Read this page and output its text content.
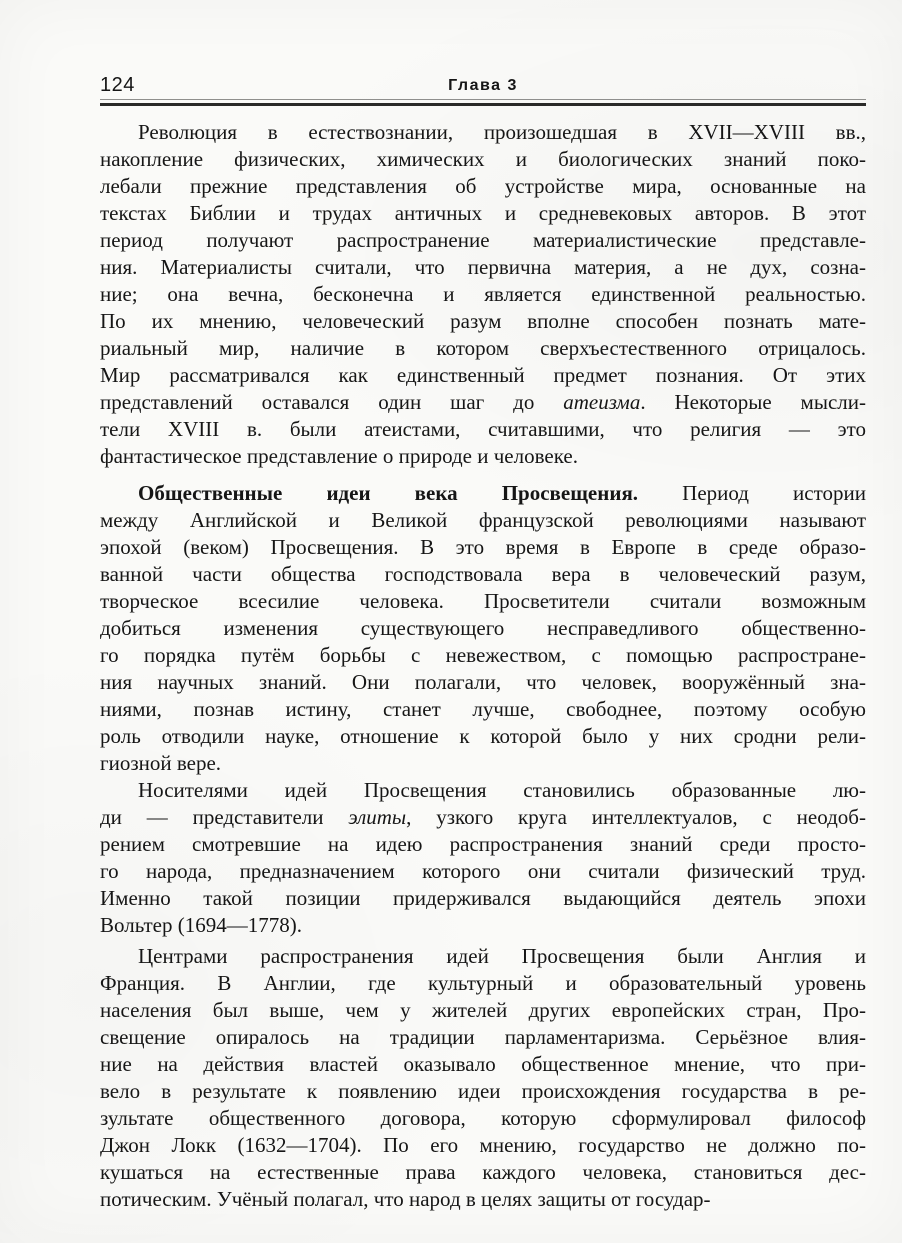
124	Глава 3

Революция в естествознании, произошедшая в XVII—XVIII вв.,
накопление физических, химических и биологических знаний поко-
лебали прежние представления об устройстве мира, основанные на
текстах Библии и трудах античных и средневековых авторов. В этот
период получают распространение материалистические представле-
ния. Материалисты считали, что первична материя, а не дух, созна-
ние; она вечна, бесконечна и является единственной реальностью.
По их мнению, человеческий разум вполне способен познать мате-
риальный мир, наличие в котором сверхъестественного отрицалось.
Мир рассматривался как единственный предмет познания. От этих
представлений оставался один шаг до атеизма. Некоторые мысли-
тели XVIII в. были атеистами, считавшими, что религия — это
фантастическое представление о природе и человеке.

Общественные идеи века Просвещения. Период истории
между Английской и Великой французской революциями называют
эпохой (веком) Просвещения. В это время в Европе в среде образо-
ванной части общества господствовала вера в человеческий разум,
творческое всесилие человека. Просветители считали возможным
добиться изменения существующего несправедливого общественно-
го порядка путём борьбы с невежеством, с помощью распростране-
ния научных знаний. Они полагали, что человек, вооружённый зна-
ниями, познав истину, станет лучше, свободнее, поэтому особую
роль отводили науке, отношение к которой было у них сродни рели-
гиозной вере.

Носителями идей Просвещения становились образованные лю-
ди — представители элиты, узкого круга интеллектуалов, с неодоб-
рением смотревшие на идею распространения знаний среди просто-
го народа, предназначением которого они считали физический труд.
Именно такой позиции придерживался выдающийся деятель эпохи
Вольтер (1694—1778).

Центрами распространения идей Просвещения были Англия и
Франция. В Англии, где культурный и образовательный уровень
населения был выше, чем у жителей других европейских стран, Про-
свещение опиралось на традиции парламентаризма. Серьёзное влия-
ние на действия властей оказывало общественное мнение, что при-
вело в результате к появлению идеи происхождения государства в ре-
зультате общественного договора, которую сформулировал философ
Джон Локк (1632—1704). По его мнению, государство не должно по-
кушаться на естественные права каждого человека, становиться дес-
потическим. Учёный полагал, что народ в целях защиты от государ-
